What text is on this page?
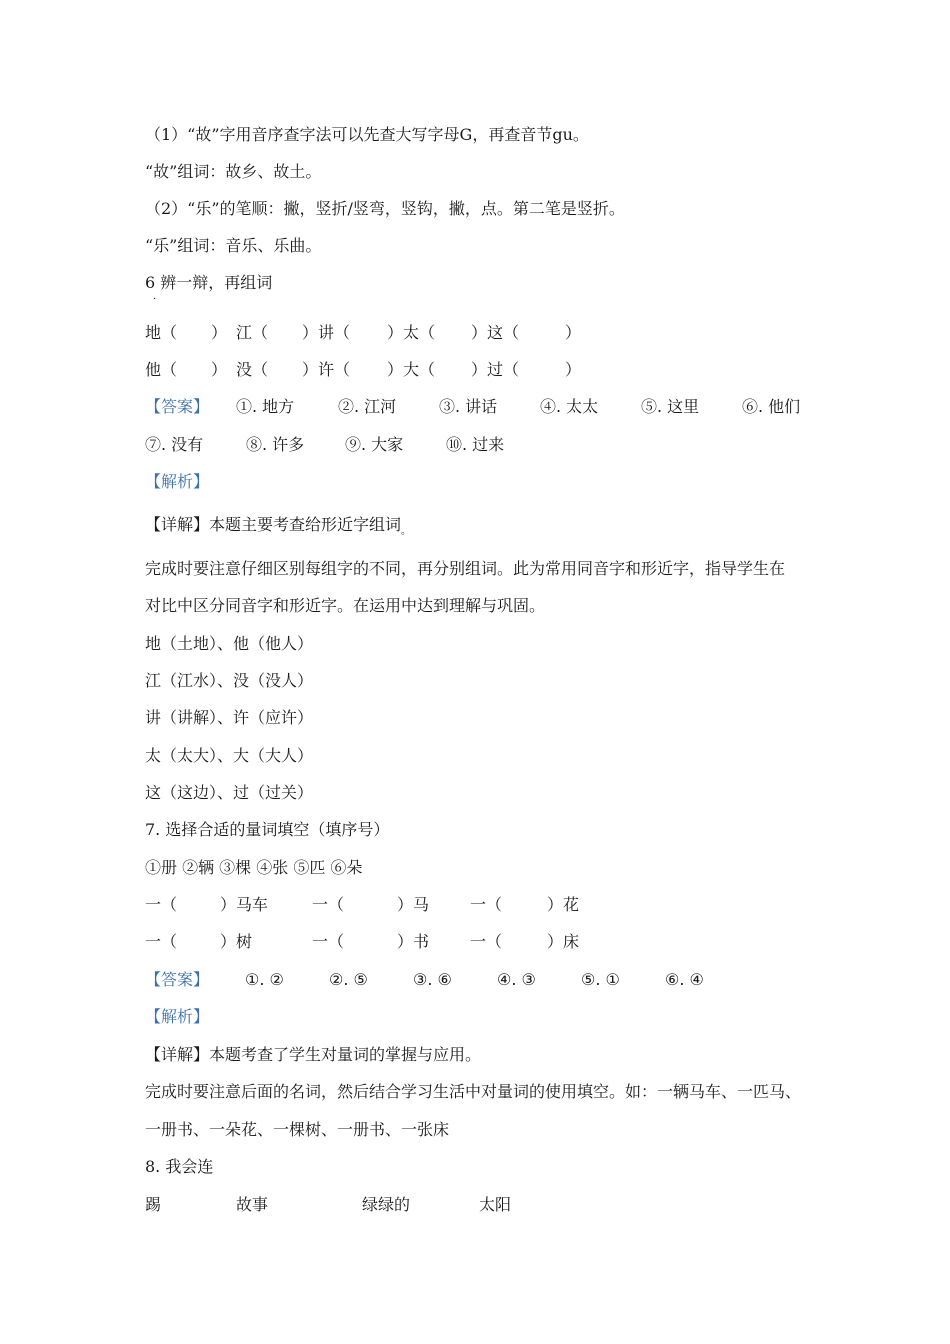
（1）“故”字用音序查字法可以先查大写字母G，再查音节gu。
“故”组词：故乡、故土。
（2）“乐”的笔顺：撇，竖折/竖弯，竖钩，撇，点。第二笔是竖折。
“乐”组词：音乐、乐曲。
6 辨一辩，再组词
·
地（ ） 江（ ）讲（ ）太（ ）这（	）
他（ ） 没（ ）许（ ）大（ ）过（	）
【答案】 ①. 地方	②. 江河	③. 讲话	④. 太太	⑤. 这里	⑥. 他们
⑦. 没有	⑧. 许多	⑨. 大家	⑩. 过来
【解析】
【详解】本题主要考查给形近字组词$_。$
完成时要注意仔细区别每组字的不同，再分别组词。此为常用同音字和形近字，指导学生在
对比中区分同音字和形近字。在运用中达到理解与巩固。
地（土地）、他（他人）
江（江水）、没（没人）
讲（讲解）、许（应许）
太（太大）、大（大人）
这（这边）、过（过关）
7. 选择合适的量词填空（填序号）
①册 ②辆 ③棵 ④张 ⑤匹 ⑥朵
一（	）马车	一（	）马	一（	）花
一（	）树	一（	）书	一（	）床
【答案】 ①. ②	②. ⑤	③. ⑥	④. ③	⑤. ①	⑥. ④
【解析】
【详解】本题考查了学生对量词的掌握与应用。
完成时要注意后面的名词，然后结合学习生活中对量词的使用填空。如：一辆马车、一匹马、
一册书、一朵花、一棵树、一册书、一张床
8. 我会连
踢	故事	绿绿的	太阳
